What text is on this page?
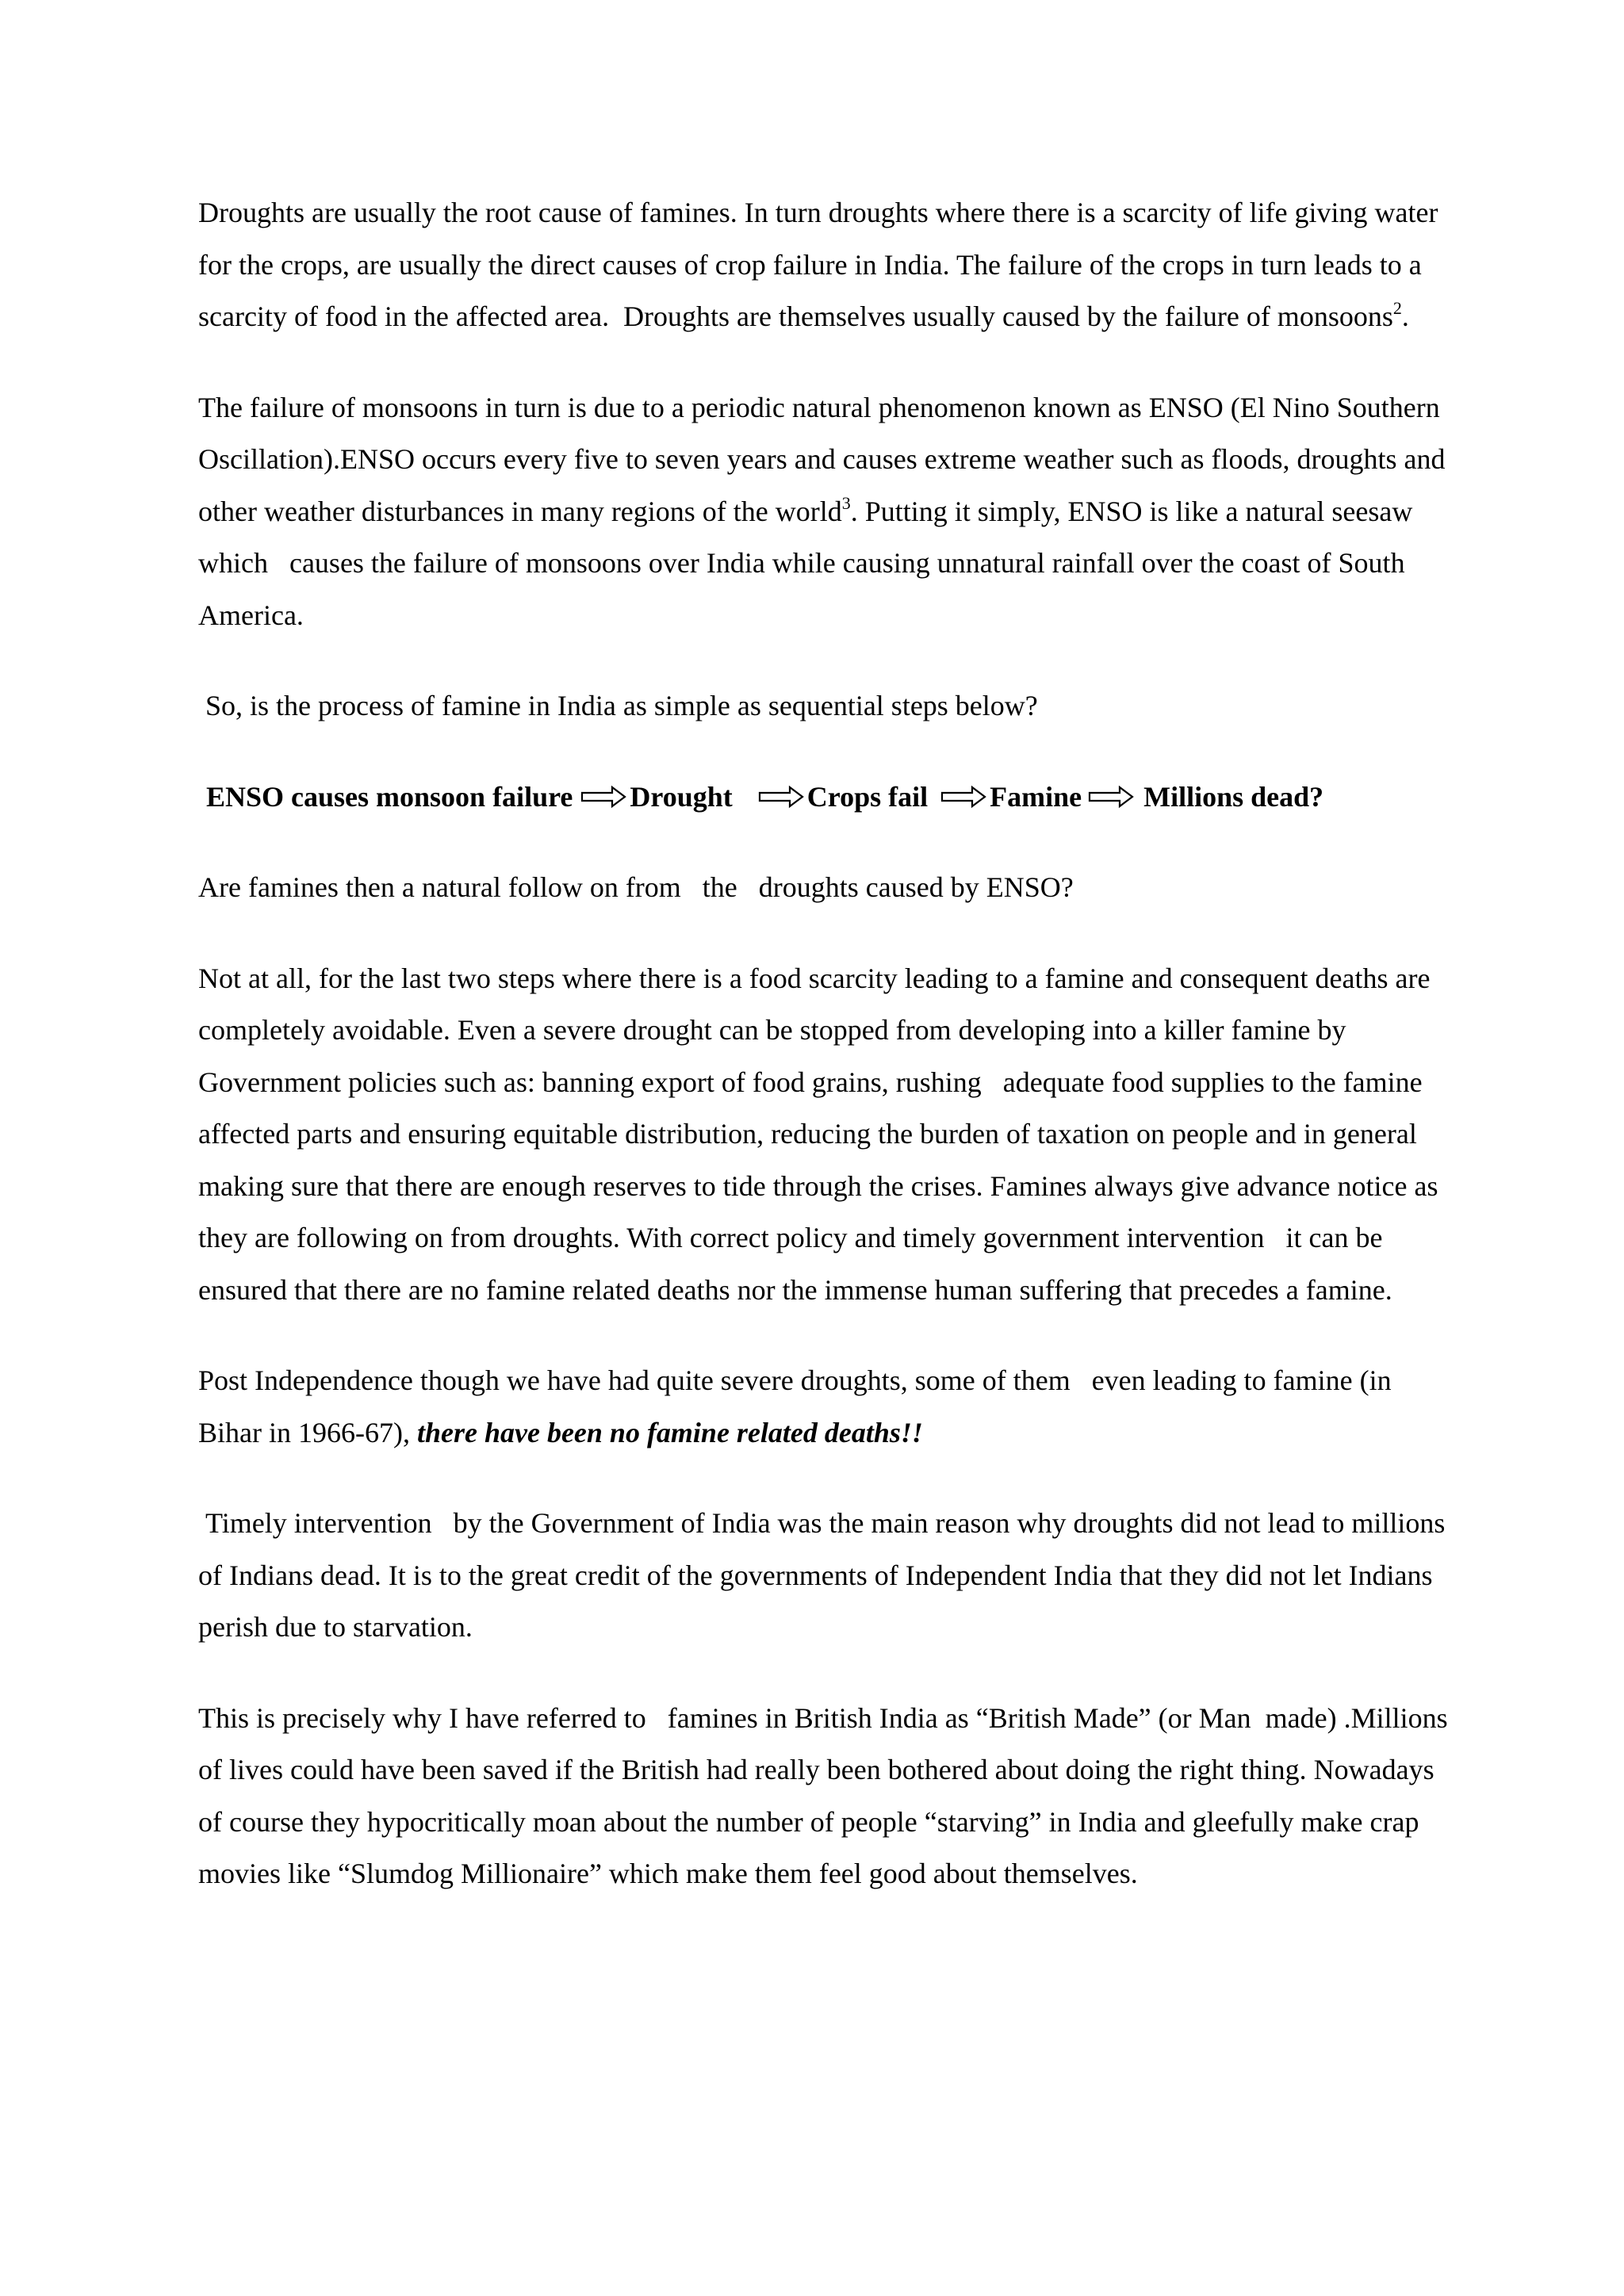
Droughts are usually the root cause of famines. In turn droughts where there is a scarcity of life giving water for the crops, are usually the direct causes of crop failure in India. The failure of the crops in turn leads to a scarcity of food in the affected area.  Droughts are themselves usually caused by the failure of monsoons$^2$.

The failure of monsoons in turn is due to a periodic natural phenomenon known as ENSO (El Nino Southern Oscillation).ENSO occurs every five to seven years and causes extreme weather such as floods, droughts and other weather disturbances in many regions of the world$^3$. Putting it simply, ENSO is like a natural seesaw which   causes the failure of monsoons over India while causing unnatural rainfall over the coast of South America.

So, is the process of famine in India as simple as sequential steps below?

ENSO causes monsoon failure Drought	Crops fail Famine Millions dead?

Are famines then a natural follow on from   the   droughts caused by ENSO?

Not at all, for the last two steps where there is a food scarcity leading to a famine and consequent deaths are completely avoidable. Even a severe drought can be stopped from developing into a killer famine by Government policies such as: banning export of food grains, rushing   adequate food supplies to the famine affected parts and ensuring equitable distribution, reducing the burden of taxation on people and in general making sure that there are enough reserves to tide through the crises. Famines always give advance notice as they are following on from droughts. With correct policy and timely government intervention   it can be ensured that there are no famine related deaths nor the immense human suffering that precedes a famine.

Post Independence though we have had quite severe droughts, some of them   even leading to famine (in Bihar in 1966-67), there have been no famine related deaths!!

Timely intervention   by the Government of India was the main reason why droughts did not lead to millions of Indians dead. It is to the great credit of the governments of Independent India that they did not let Indians perish due to starvation.

This is precisely why I have referred to   famines in British India as “British Made” (or Man  made) .Millions of lives could have been saved if the British had really been bothered about doing the right thing. Nowadays of course they hypocritically moan about the number of people “starving” in India and gleefully make crap movies like “Slumdog Millionaire” which make them feel good about themselves.
